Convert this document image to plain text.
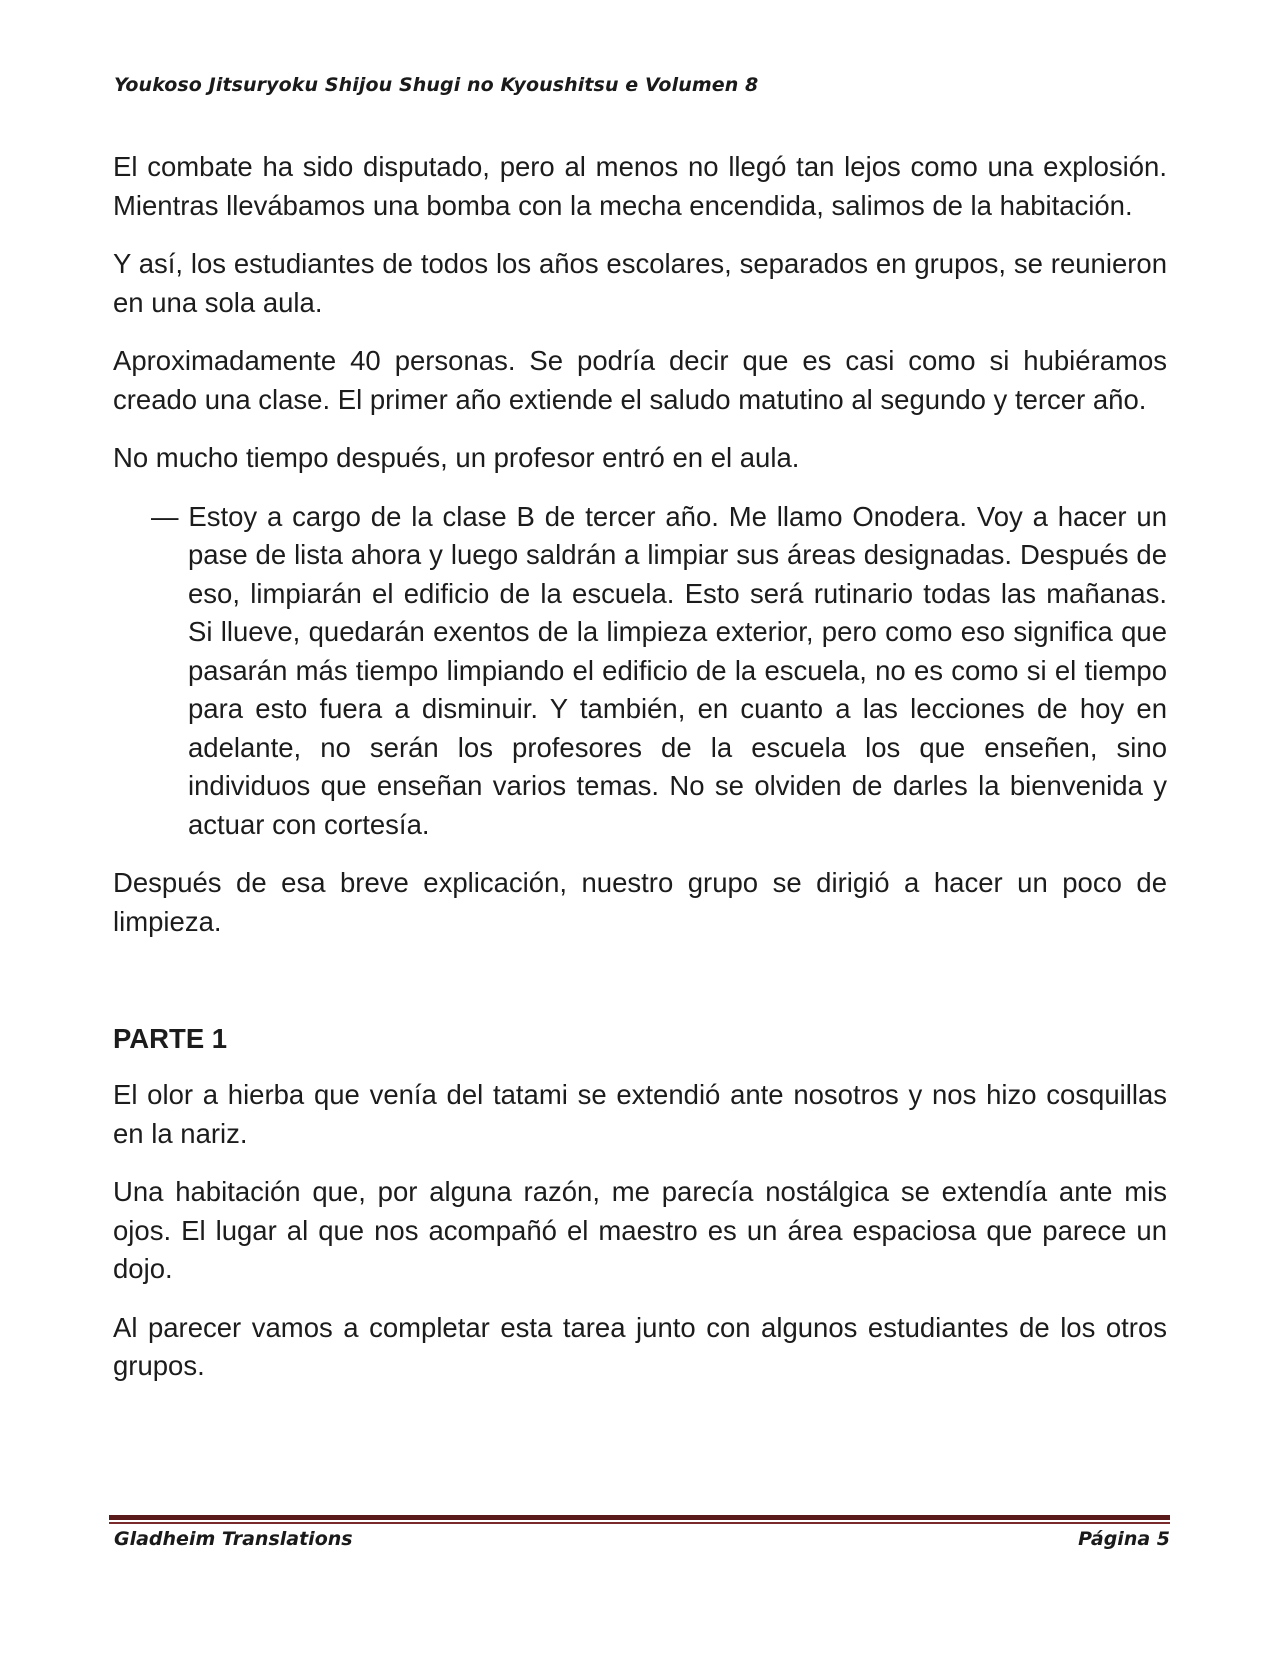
Youkoso Jitsuryoku Shijou Shugi no Kyoushitsu e Volumen 8

El combate ha sido disputado, pero al menos no llegó tan lejos como una explosión. Mientras llevábamos una bomba con la mecha encendida, salimos de la habitación.

Y así, los estudiantes de todos los años escolares, separados en grupos, se reunieron en una sola aula.

Aproximadamente 40 personas. Se podría decir que es casi como si hubiéramos creado una clase. El primer año extiende el saludo matutino al segundo y tercer año.

No mucho tiempo después, un profesor entró en el aula.

— Estoy a cargo de la clase B de tercer año. Me llamo Onodera. Voy a hacer un pase de lista ahora y luego saldrán a limpiar sus áreas designadas. Después de eso, limpiarán el edificio de la escuela. Esto será rutinario todas las mañanas. Si llueve, quedarán exentos de la limpieza exterior, pero como eso significa que pasarán más tiempo limpiando el edificio de la escuela, no es como si el tiempo para esto fuera a disminuir. Y también, en cuanto a las lecciones de hoy en adelante, no serán los profesores de la escuela los que enseñen, sino individuos que enseñan varios temas. No se olviden de darles la bienvenida y actuar con cortesía.

Después de esa breve explicación, nuestro grupo se dirigió a hacer un poco de limpieza.

PARTE 1

El olor a hierba que venía del tatami se extendió ante nosotros y nos hizo cosquillas en la nariz.

Una habitación que, por alguna razón, me parecía nostálgica se extendía ante mis ojos. El lugar al que nos acompañó el maestro es un área espaciosa que parece un dojo.

Al parecer vamos a completar esta tarea junto con algunos estudiantes de los otros grupos.

Gladheim Translations	Página 5
